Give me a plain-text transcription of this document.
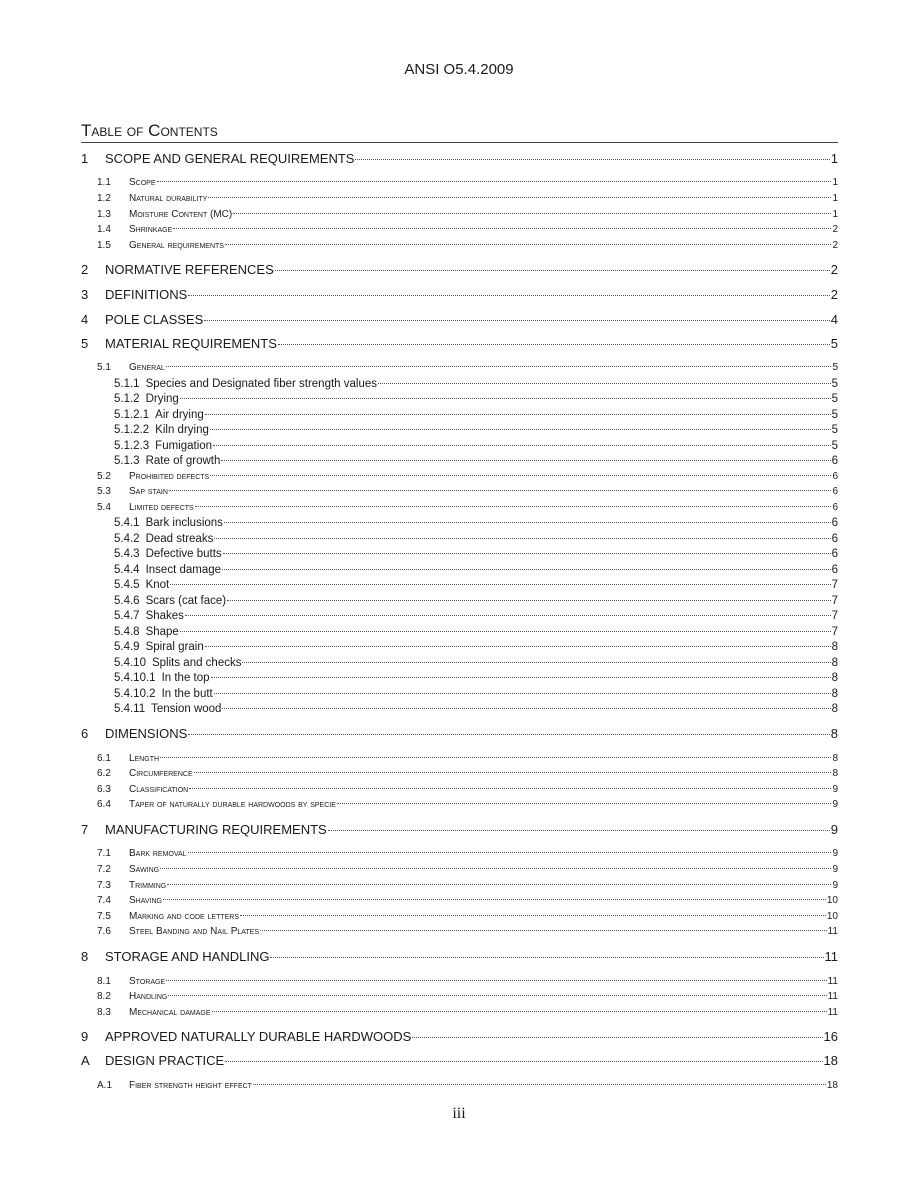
ANSI O5.4.2009
Table of Contents
1 SCOPE AND GENERAL REQUIREMENTS	1
1.1 Scope	1
1.2 Natural durability	1
1.3 Moisture Content (MC)	1
1.4 Shrinkage	2
1.5 General requirements	2
2 NORMATIVE REFERENCES	2
3 DEFINITIONS	2
4 POLE CLASSES	4
5 MATERIAL REQUIREMENTS	5
5.1 General	5
5.1.1 Species and Designated fiber strength values	5
5.1.2 Drying	5
5.1.2.1 Air drying	5
5.1.2.2 Kiln drying	5
5.1.2.3 Fumigation	5
5.1.3 Rate of growth	6
5.2 Prohibited defects	6
5.3 Sap stain	6
5.4 Limited defects	6
5.4.1 Bark inclusions	6
5.4.2 Dead streaks	6
5.4.3 Defective butts	6
5.4.4 Insect damage	6
5.4.5 Knot	7
5.4.6 Scars (cat face)	7
5.4.7 Shakes	7
5.4.8 Shape	7
5.4.9 Spiral grain	8
5.4.10 Splits and checks	8
5.4.10.1 In the top	8
5.4.10.2 In the butt	8
5.4.11 Tension wood	8
6 DIMENSIONS	8
6.1 Length	8
6.2 Circumference	8
6.3 Classification	9
6.4 Taper of naturally durable hardwoods by specie	9
7 MANUFACTURING REQUIREMENTS	9
7.1 Bark removal	9
7.2 Sawing	9
7.3 Trimming	9
7.4 Shaving	10
7.5 Marking and code letters	10
7.6 Steel Banding and Nail Plates	11
8 STORAGE AND HANDLING	11
8.1 Storage	11
8.2 Handling	11
8.3 Mechanical damage	11
9 APPROVED NATURALLY DURABLE HARDWOODS	16
A DESIGN PRACTICE	18
A.1 Fiber strength height effect	18
iii
